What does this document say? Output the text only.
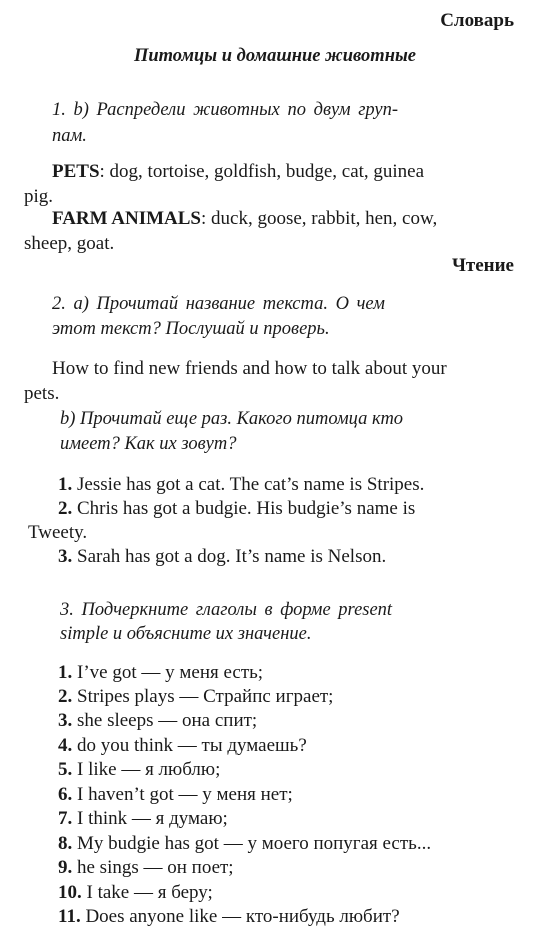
Словарь
Питомцы и домашние животные
1. b) Распредели животных по двум груп-
пам.
PETS: dog, tortoise, goldfish, budge, cat, guinea
pig.
FARM ANIMALS: duck, goose, rabbit, hen, cow,
sheep, goat.
Чтение
2. a) Прочитай название текста. О чем
этот текст? Послушай и проверь.
How to find new friends and how to talk about your
pets.
b) Прочитай еще раз. Какого питомца кто
имеет? Как их зовут?
1. Jessie has got a cat. The cat’s name is Stripes.
2. Chris has got a budgie. His budgie’s name is
Tweety.
3. Sarah has got a dog. It’s name is Nelson.
3. Подчеркните глаголы в форме present
simple и объясните их значение.
1. I’ve got — у меня есть;
2. Stripes plays — Страйпс играет;
3. she sleeps — она спит;
4. do you think — ты думаешь?
5. I like — я люблю;
6. I haven’t got — у меня нет;
7. I think — я думаю;
8. My budgie has got — у моего попугая есть...
9. he sings — он поет;
10. I take — я беру;
11. Does anyone like — кто-нибудь любит?
